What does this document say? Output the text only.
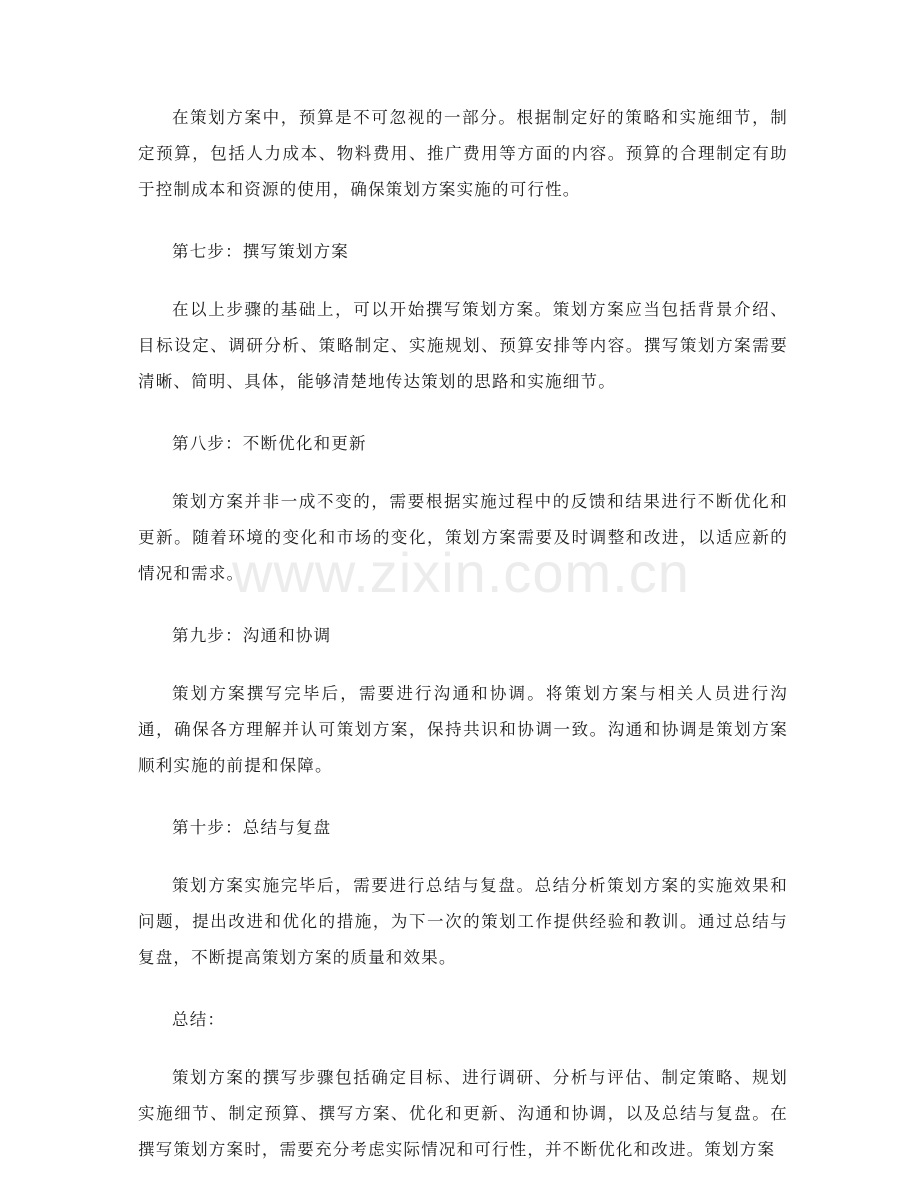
在策划方案中，预算是不可忽视的一部分。根据制定好的策略和实施细节，制定预算，包括人力成本、物料费用、推广费用等方面的内容。预算的合理制定有助于控制成本和资源的使用，确保策划方案实施的可行性。

第七步：撰写策划方案

在以上步骤的基础上，可以开始撰写策划方案。策划方案应当包括背景介绍、目标设定、调研分析、策略制定、实施规划、预算安排等内容。撰写策划方案需要清晰、简明、具体，能够清楚地传达策划的思路和实施细节。

第八步：不断优化和更新

策划方案并非一成不变的，需要根据实施过程中的反馈和结果进行不断优化和更新。随着环境的变化和市场的变化，策划方案需要及时调整和改进，以适应新的情况和需求。

第九步：沟通和协调

策划方案撰写完毕后，需要进行沟通和协调。将策划方案与相关人员进行沟通，确保各方理解并认可策划方案，保持共识和协调一致。沟通和协调是策划方案顺利实施的前提和保障。

第十步：总结与复盘

策划方案实施完毕后，需要进行总结与复盘。总结分析策划方案的实施效果和问题，提出改进和优化的措施，为下一次的策划工作提供经验和教训。通过总结与复盘，不断提高策划方案的质量和效果。

总结：

策划方案的撰写步骤包括确定目标、进行调研、分析与评估、制定策略、规划实施细节、制定预算、撰写方案、优化和更新、沟通和协调，以及总结与复盘。在撰写策划方案时，需要充分考虑实际情况和可行性，并不断优化和改进。策划方案

www.zixin.com.cn
